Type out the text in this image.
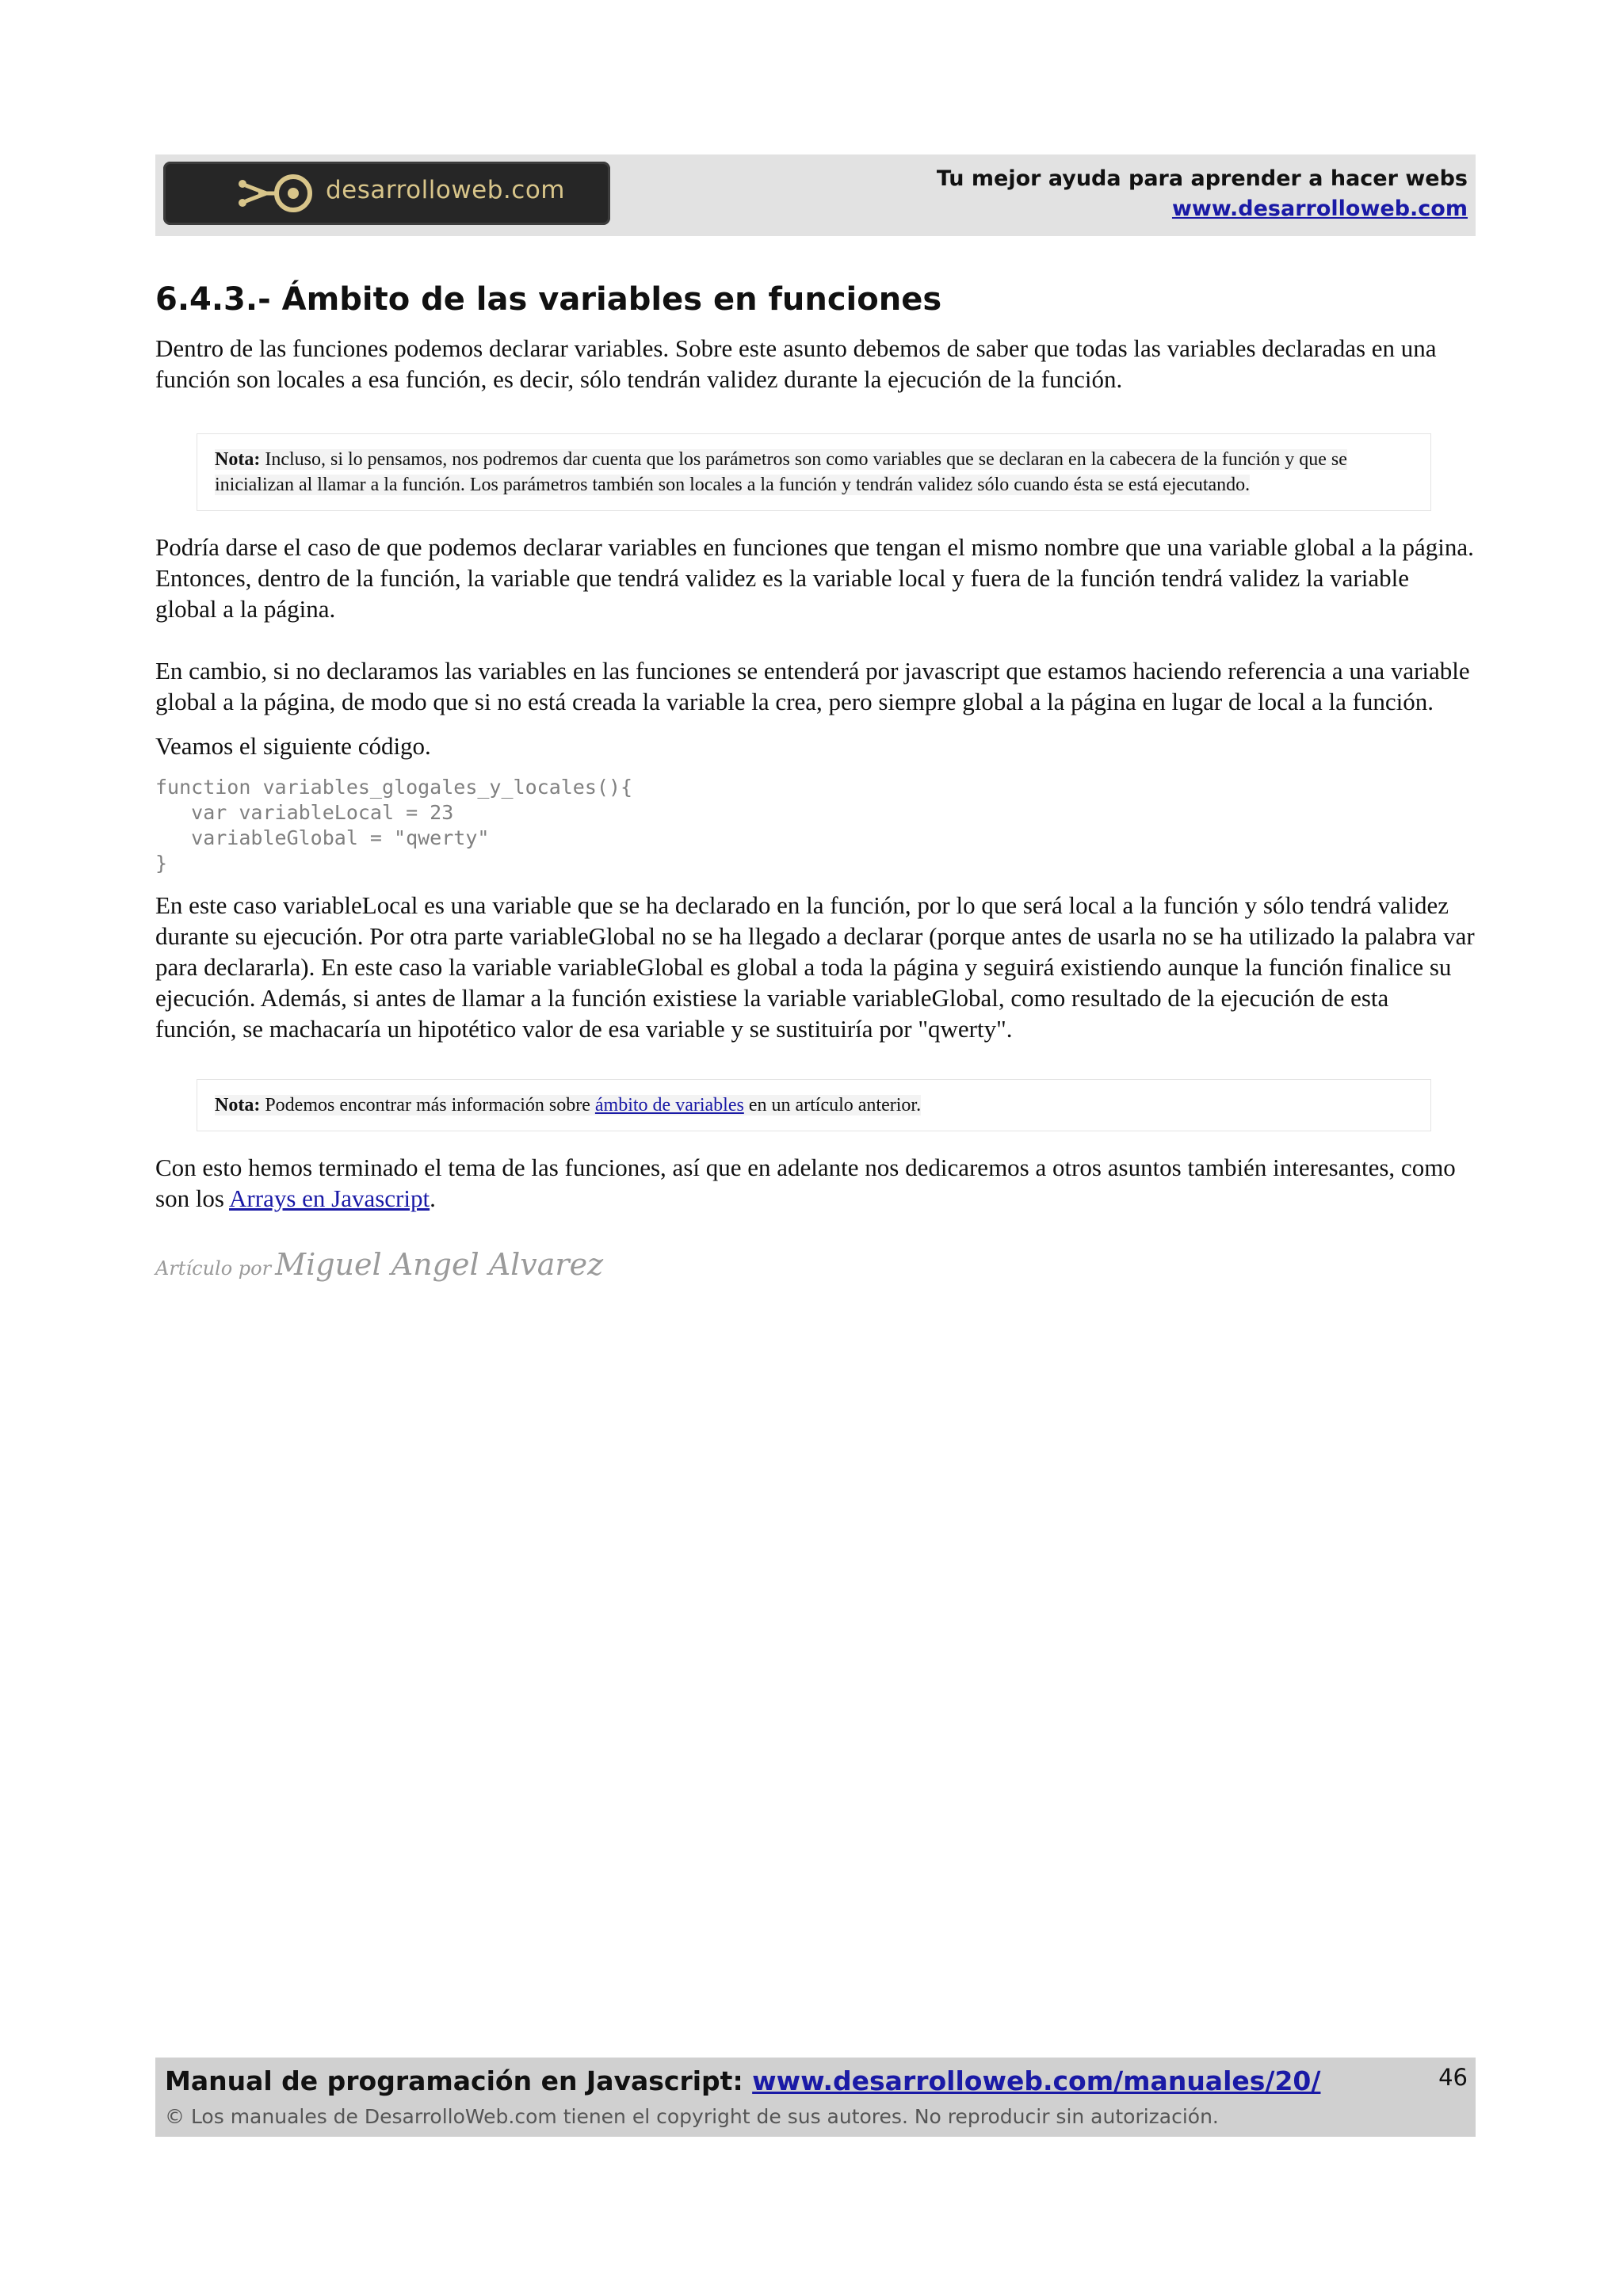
desarrolloweb.com	Tu mejor ayuda para aprender a hacer webs
www.desarrolloweb.com
6.4.3.- Ámbito de las variables en funciones

Dentro de las funciones podemos declarar variables. Sobre este asunto debemos de saber que todas las variables declaradas en una función son locales a esa función, es decir, sólo tendrán validez durante la ejecución de la función.

Nota: Incluso, si lo pensamos, nos podremos dar cuenta que los parámetros son como variables que se declaran en la cabecera de la función y que se inicializan al llamar a la función. Los parámetros también son locales a la función y tendrán validez sólo cuando ésta se está ejecutando.

Podría darse el caso de que podemos declarar variables en funciones que tengan el mismo nombre que una variable global a la página. Entonces, dentro de la función, la variable que tendrá validez es la variable local y fuera de la función tendrá validez la variable global a la página.

En cambio, si no declaramos las variables en las funciones se entenderá por javascript que estamos haciendo referencia a una variable global a la página, de modo que si no está creada la variable la crea, pero siempre global a la página en lugar de local a la función.

Veamos el siguiente código.

function variables_glogales_y_locales(){
var variableLocal = 23
variableGlobal = "qwerty"
}

En este caso variableLocal es una variable que se ha declarado en la función, por lo que será local a la función y sólo tendrá validez durante su ejecución. Por otra parte variableGlobal no se ha llegado a declarar (porque antes de usarla no se ha utilizado la palabra var para declararla). En este caso la variable variableGlobal es global a toda la página y seguirá existiendo aunque la función finalice su ejecución. Además, si antes de llamar a la función existiese la variable variableGlobal, como resultado de la ejecución de esta función, se machacaría un hipotético valor de esa variable y se sustituiría por "qwerty".

Nota: Podemos encontrar más información sobre ámbito de variables en un artículo anterior.

Con esto hemos terminado el tema de las funciones, así que en adelante nos dedicaremos a otros asuntos también interesantes, como son los Arrays en Javascript.

Artículo por Miguel Angel Alvarez
Manual de programación en Javascript: www.desarrolloweb.com/manuales/20/
© Los manuales de DesarrolloWeb.com tienen el copyright de sus autores. No reproducir sin autorización.
46
